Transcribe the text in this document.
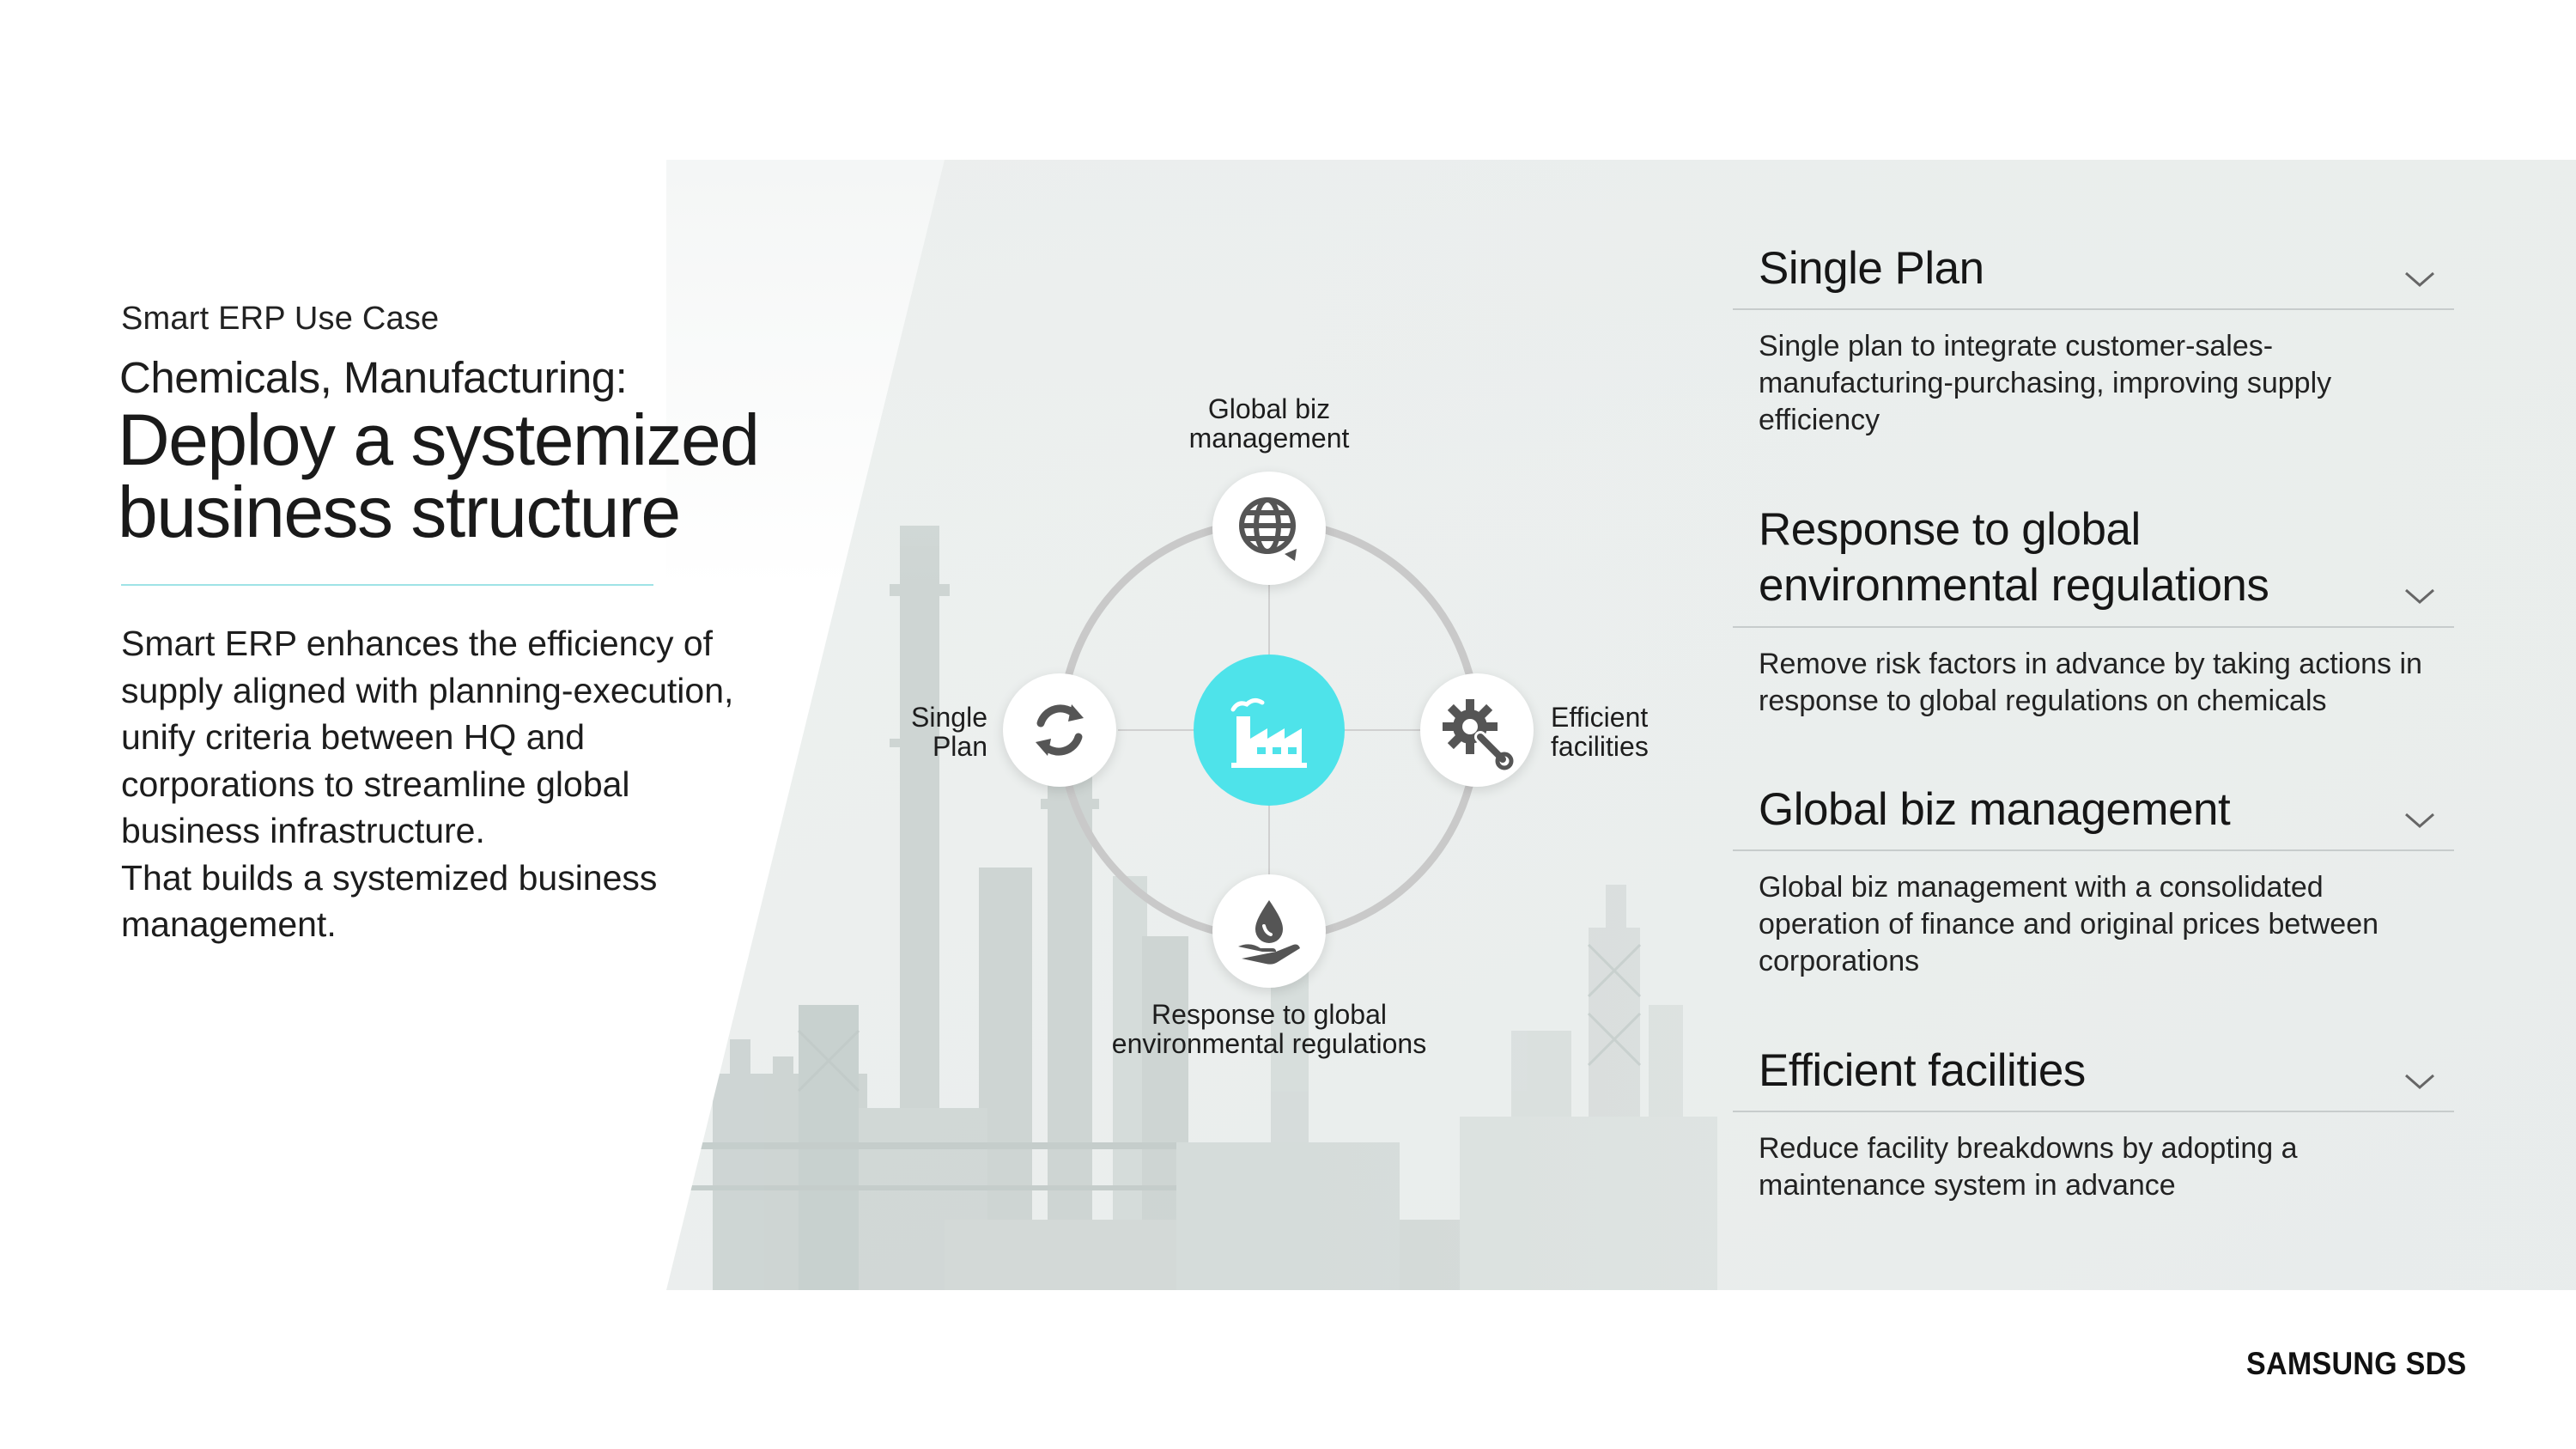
Smart ERP Use Case
Chemicals, Manufacturing:
Deploy a systemized
business structure

Smart ERP enhances the efficiency of supply aligned with planning-execution, unify criteria between HQ and corporations to streamline global business infrastructure.

That builds a systemized business management.

Global biz
management
Single
Plan
Efficient
facilities
Response to global
environmental regulations
Single Plan
Single plan to integrate customer-sales-manufacturing-purchasing, improving supply efficiency
Response to global
environmental regulations
Remove risk factors in advance by taking actions in response to global regulations on chemicals
Global biz management
Global biz management with a consolidated operation of finance and original prices between corporations
Efficient facilities
Reduce facility breakdowns by adopting a maintenance system in advance
SAMSUNG SDS
